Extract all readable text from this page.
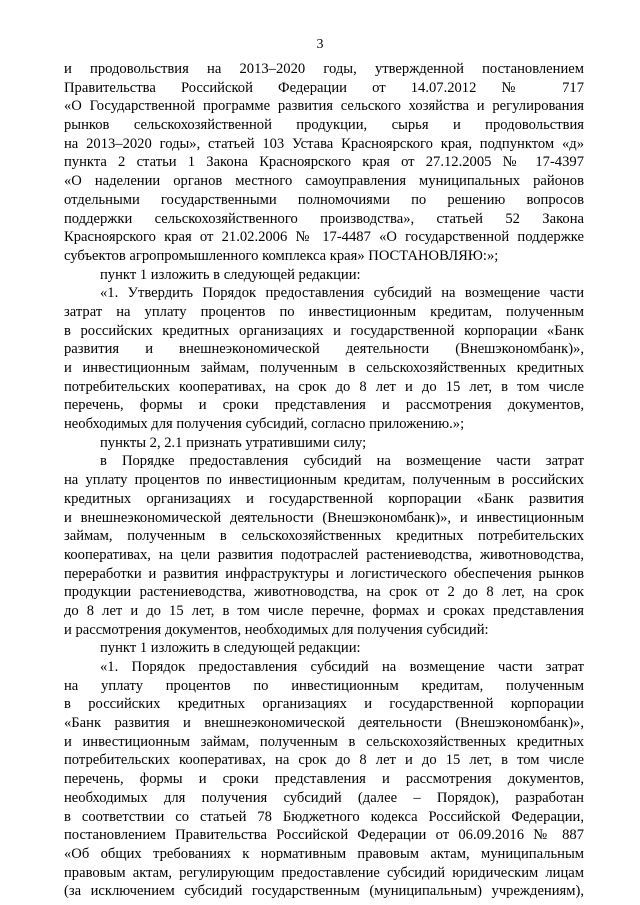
3
и продовольствия на 2013–2020 годы, утвержденной постановлением
Правительства Российской Федерации от 14.07.2012 № 717
«О Государственной программе развития сельского хозяйства и регулирования
рынков сельскохозяйственной продукции, сырья и продовольствия
на 2013–2020 годы», статьей 103 Устава Красноярского края, подпунктом «д»
пункта 2 статьи 1 Закона Красноярского края от 27.12.2005 № 17-4397
«О наделении органов местного самоуправления муниципальных районов
отдельными государственными полномочиями по решению вопросов
поддержки сельскохозяйственного производства», статьей 52 Закона
Красноярского края от 21.02.2006 № 17-4487 «О государственной поддержке
субъектов агропромышленного комплекса края» ПОСТАНОВЛЯЮ:»;
пункт 1 изложить в следующей редакции:
«1. Утвердить Порядок предоставления субсидий на возмещение части
затрат на уплату процентов по инвестиционным кредитам, полученным
в российских кредитных организациях и государственной корпорации «Банк
развития и внешнеэкономической деятельности (Внешэкономбанк)»,
и инвестиционным займам, полученным в сельскохозяйственных кредитных
потребительских кооперативах, на срок до 8 лет и до 15 лет, в том числе
перечень, формы и сроки представления и рассмотрения документов,
необходимых для получения субсидий, согласно приложению.»;
пункты 2, 2.1 признать утратившими силу;
в Порядке предоставления субсидий на возмещение части затрат
на уплату процентов по инвестиционным кредитам, полученным в российских
кредитных организациях и государственной корпорации «Банк развития
и внешнеэкономической деятельности (Внешэкономбанк)», и инвестиционным
займам, полученным в сельскохозяйственных кредитных потребительских
кооперативах, на цели развития подотраслей растениеводства, животноводства,
переработки и развития инфраструктуры и логистического обеспечения рынков
продукции растениеводства, животноводства, на срок от 2 до 8 лет, на срок
до 8 лет и до 15 лет, в том числе перечне, формах и сроках представления
и рассмотрения документов, необходимых для получения субсидий:
пункт 1 изложить в следующей редакции:
«1. Порядок предоставления субсидий на возмещение части затрат
на уплату процентов по инвестиционным кредитам, полученным
в российских кредитных организациях и государственной корпорации
«Банк развития и внешнеэкономической деятельности (Внешэкономбанк)»,
и инвестиционным займам, полученным в сельскохозяйственных кредитных
потребительских кооперативах, на срок до 8 лет и до 15 лет, в том числе
перечень, формы и сроки представления и рассмотрения документов,
необходимых для получения субсидий (далее – Порядок), разработан
в соответствии со статьей 78 Бюджетного кодекса Российской Федерации,
постановлением Правительства Российской Федерации от 06.09.2016 № 887
«Об общих требованиях к нормативным правовым актам, муниципальным
правовым актам, регулирующим предоставление субсидий юридическим лицам
(за исключением субсидий государственным (муниципальным) учреждениям),
